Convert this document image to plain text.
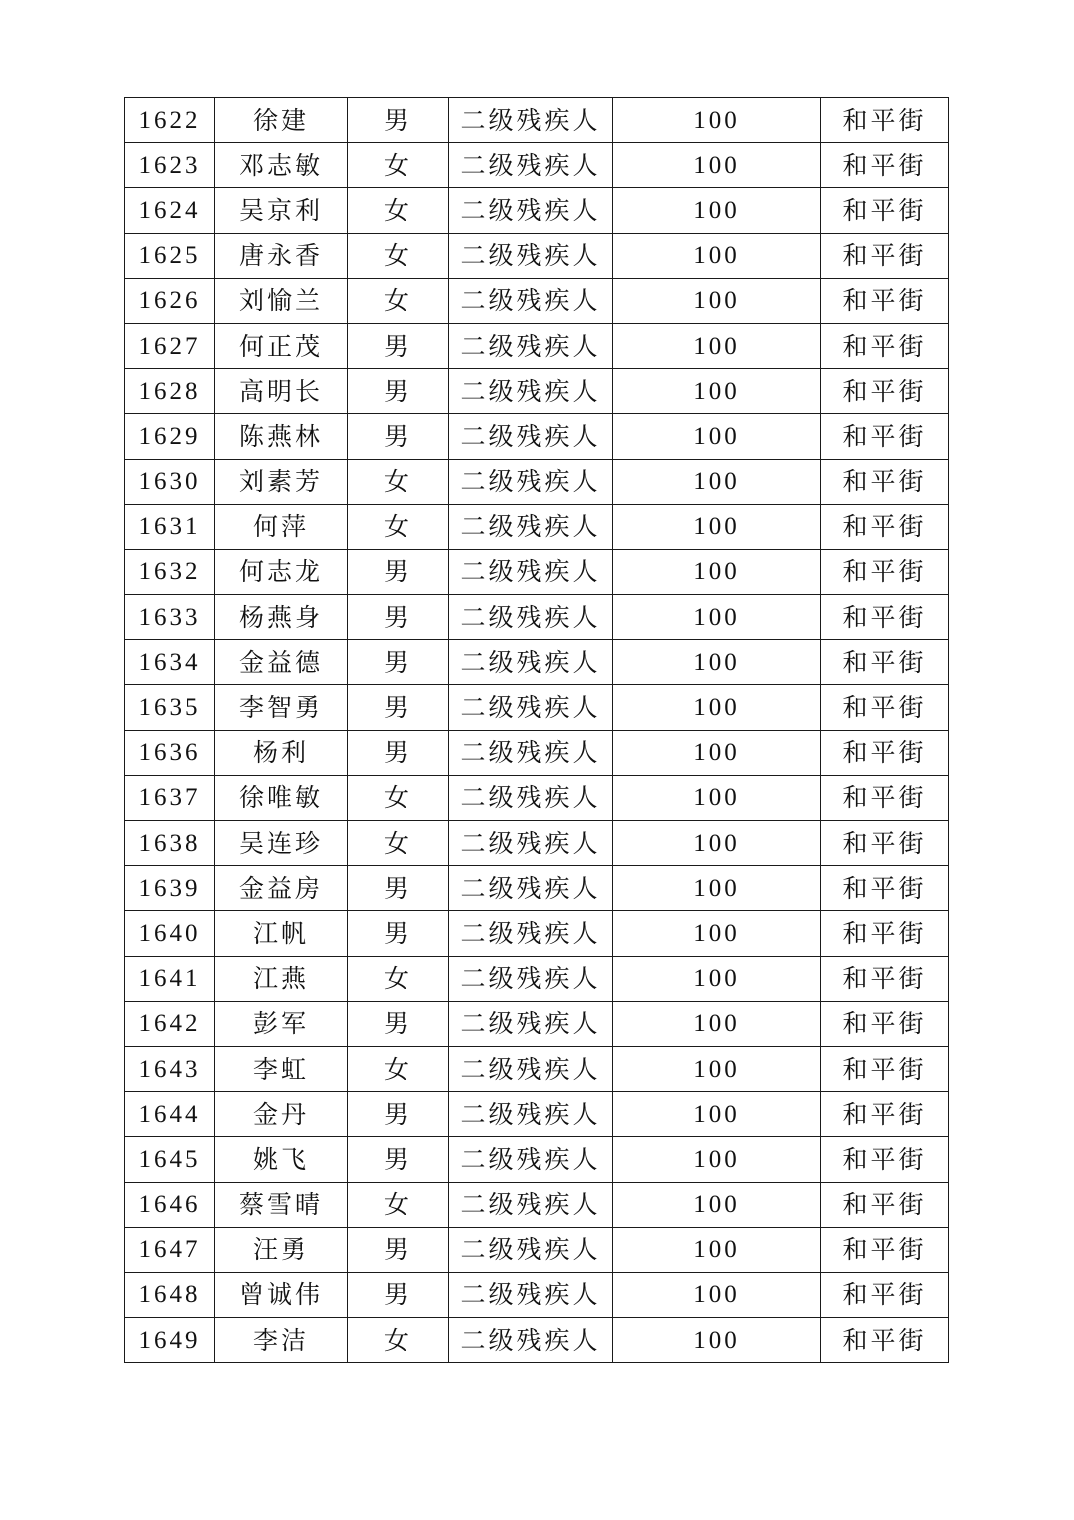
1622	徐建	男	二级残疾人	100	和平街
1623	邓志敏	女	二级残疾人	100	和平街
1624	吴京利	女	二级残疾人	100	和平街
1625	唐永香	女	二级残疾人	100	和平街
1626	刘愉兰	女	二级残疾人	100	和平街
1627	何正茂	男	二级残疾人	100	和平街
1628	高明长	男	二级残疾人	100	和平街
1629	陈燕林	男	二级残疾人	100	和平街
1630	刘素芳	女	二级残疾人	100	和平街
1631	何萍	女	二级残疾人	100	和平街
1632	何志龙	男	二级残疾人	100	和平街
1633	杨燕身	男	二级残疾人	100	和平街
1634	金益德	男	二级残疾人	100	和平街
1635	李智勇	男	二级残疾人	100	和平街
1636	杨利	男	二级残疾人	100	和平街
1637	徐唯敏	女	二级残疾人	100	和平街
1638	吴连珍	女	二级残疾人	100	和平街
1639	金益房	男	二级残疾人	100	和平街
1640	江帆	男	二级残疾人	100	和平街
1641	江燕	女	二级残疾人	100	和平街
1642	彭军	男	二级残疾人	100	和平街
1643	李虹	女	二级残疾人	100	和平街
1644	金丹	男	二级残疾人	100	和平街
1645	姚飞	男	二级残疾人	100	和平街
1646	蔡雪晴	女	二级残疾人	100	和平街
1647	汪勇	男	二级残疾人	100	和平街
1648	曾诚伟	男	二级残疾人	100	和平街
1649	李洁	女	二级残疾人	100	和平街
